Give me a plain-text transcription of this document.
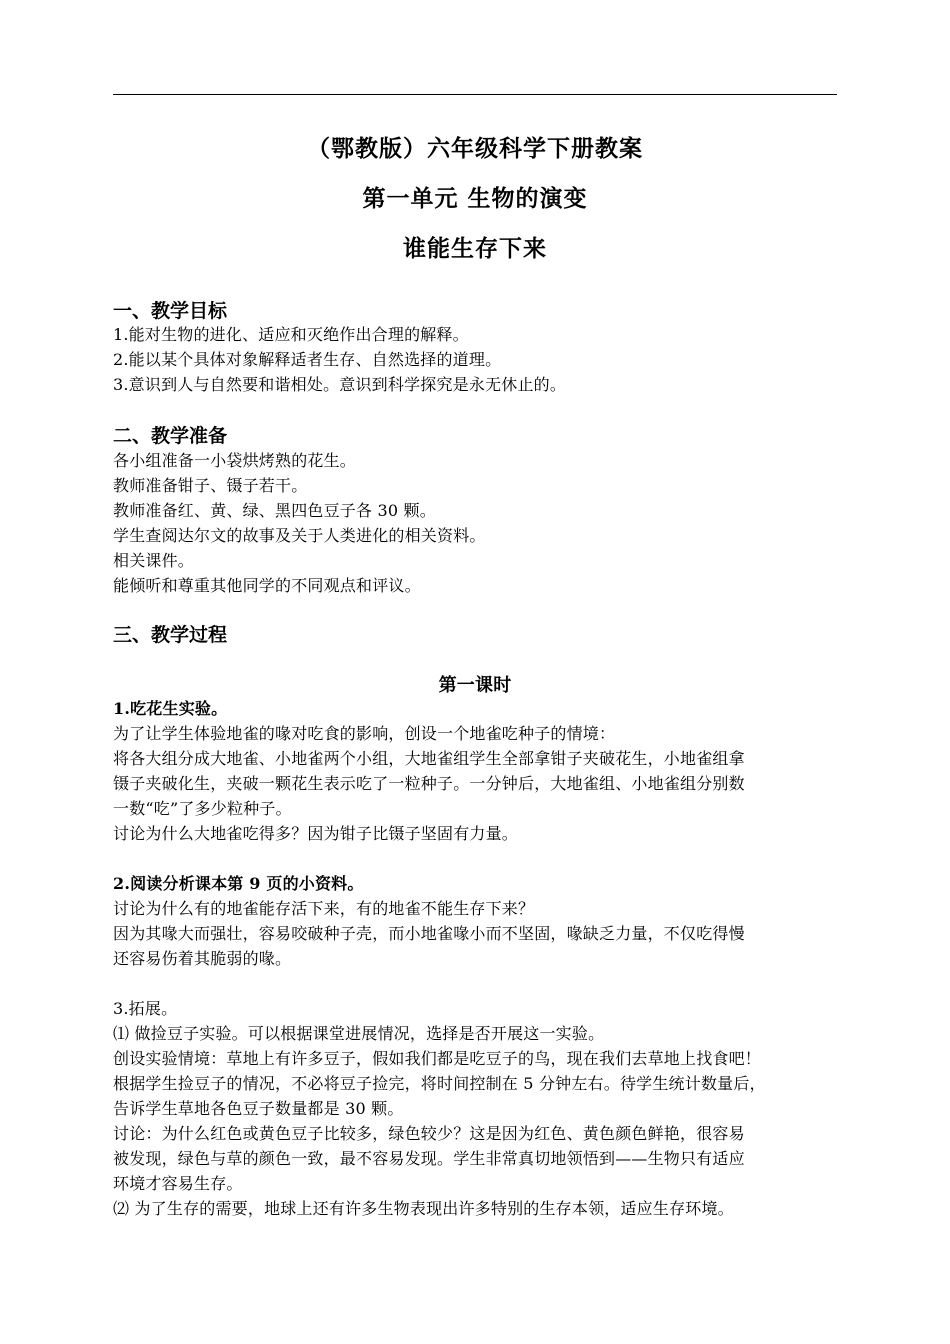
（鄂教版）六年级科学下册教案
第一单元 生物的演变
谁能生存下来
一、教学目标
1.能对生物的进化、适应和灭绝作出合理的解释。
2.能以某个具体对象解释适者生存、自然选择的道理。
3.意识到人与自然要和谐相处。意识到科学探究是永无休止的。
二、教学准备
各小组准备一小袋烘烤熟的花生。
教师准备钳子、镊子若干。
教师准备红、黄、绿、黑四色豆子各 30 颗。
学生查阅达尔文的故事及关于人类进化的相关资料。
相关课件。
能倾听和尊重其他同学的不同观点和评议。
三、教学过程
第一课时
1.吃花生实验。
为了让学生体验地雀的喙对吃食的影响，创设一个地雀吃种子的情境：
将各大组分成大地雀、小地雀两个小组，大地雀组学生全部拿钳子夹破花生，小地雀组拿
镊子夹破化生，夹破一颗花生表示吃了一粒种子。一分钟后，大地雀组、小地雀组分别数
一数“吃”了多少粒种子。
讨论为什么大地雀吃得多？因为钳子比镊子坚固有力量。
2.阅读分析课本第 9 页的小资料。
讨论为什么有的地雀能存活下来，有的地雀不能生存下来？
因为其喙大而强壮，容易咬破种子壳，而小地雀喙小而不坚固，喙缺乏力量，不仅吃得慢
还容易伤着其脆弱的喙。
3.拓展。
⑴ 做捡豆子实验。可以根据课堂进展情况，选择是否开展这一实验。
创设实验情境：草地上有许多豆子，假如我们都是吃豆子的鸟，现在我们去草地上找食吧！
根据学生捡豆子的情况，不必将豆子捡完，将时间控制在 5 分钟左右。待学生统计数量后，
告诉学生草地各色豆子数量都是 30 颗。
讨论：为什么红色或黄色豆子比较多，绿色较少？这是因为红色、黄色颜色鲜艳，很容易
被发现，绿色与草的颜色一致，最不容易发现。学生非常真切地领悟到——生物只有适应
环境才容易生存。
⑵ 为了生存的需要，地球上还有许多生物表现出许多特别的生存本领，适应生存环境。
